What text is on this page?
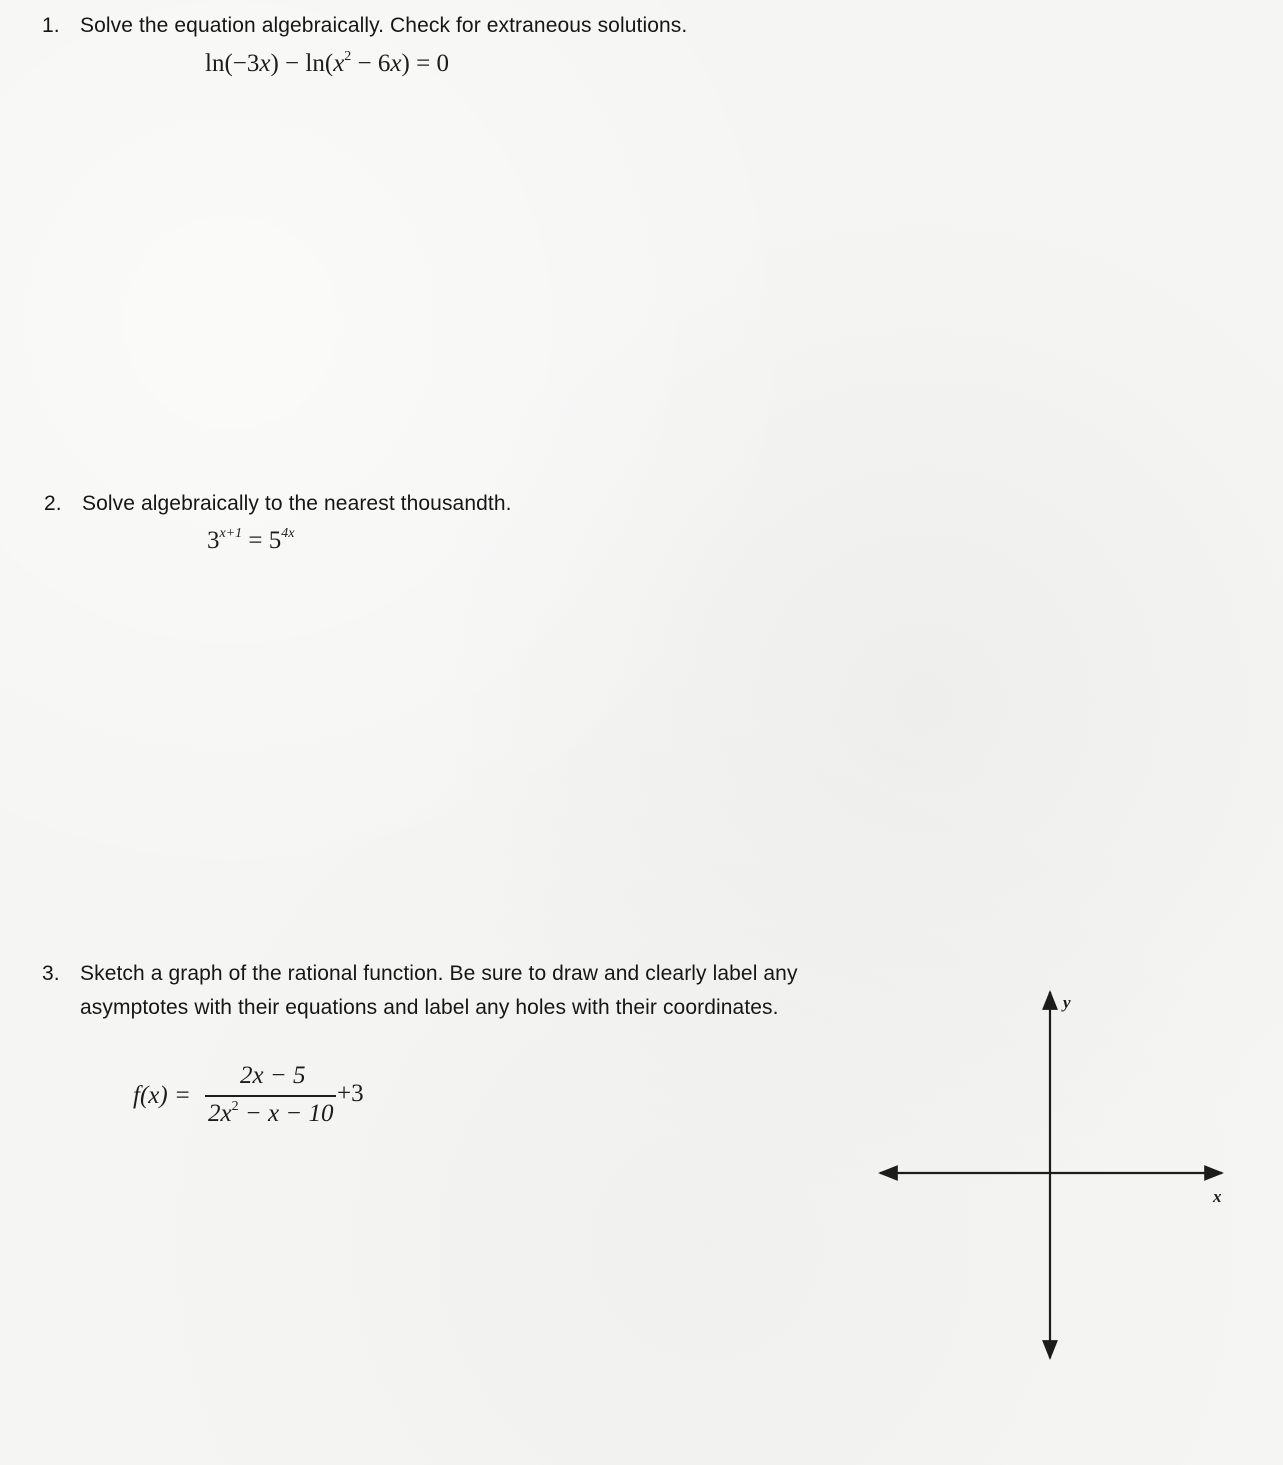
1. Solve the equation algebraically. Check for extraneous solutions.
$\ln(-3x) - \ln(x^2 - 6x) = 0$
2. Solve algebraically to the nearest thousandth.
$3^{x+1} = 5^{4x}$
3. Sketch a graph of the rational function. Be sure to draw and clearly label any
asymptotes with their equations and label any holes with their coordinates.
f(x) =
2x − 5
$2x^2 - x - 10$
+3
x
y
